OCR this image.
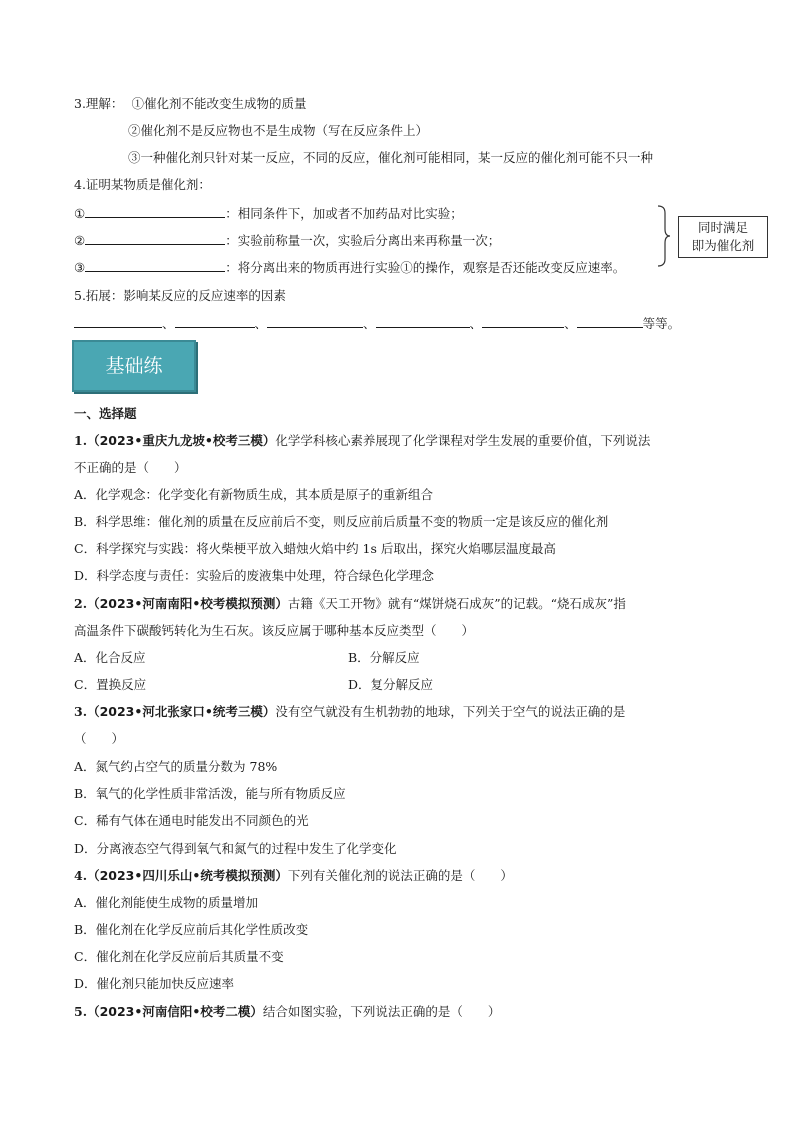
3.理解： ①催化剂不能改变生成物的质量
②催化剂不是反应物也不是生成物（写在反应条件上）
③一种催化剂只针对某一反应，不同的反应，催化剂可能相同，某一反应的催化剂可能不只一种
4.证明某物质是催化剂：
①	：相同条件下，加或者不加药品对比实验；
②	：实验前称量一次，实验后分离出来再称量一次；
③	：将分离出来的物质再进行实验①的操作，观察是否还能改变反应速率。
同时满足
即为催化剂
5.拓展：影响某反应的反应速率的因素
、	、	、	、	、	等等。
基础练
一、选择题
1.（2023•重庆九龙坡•校考三模）化学学科核心素养展现了化学课程对学生发展的重要价值，下列说法
不正确的是（　　）
A．化学观念：化学变化有新物质生成，其本质是原子的重新组合
B．科学思维：催化剂的质量在反应前后不变，则反应前后质量不变的物质一定是该反应的催化剂
C．科学探究与实践：将火柴梗平放入蜡烛火焰中约 1s 后取出，探究火焰哪层温度最高
D．科学态度与责任：实验后的废液集中处理，符合绿色化学理念
2.（2023•河南南阳•校考模拟预测）古籍《天工开物》就有“煤饼烧石成灰”的记载。“烧石成灰”指
高温条件下碳酸钙转化为生石灰。该反应属于哪种基本反应类型（　　）
A．化合反应	B．分解反应
C．置换反应	D．复分解反应
3.（2023•河北张家口•统考三模）没有空气就没有生机勃勃的地球，下列关于空气的说法正确的是
（　　）
A．氮气约占空气的质量分数为 78%
B．氧气的化学性质非常活泼，能与所有物质反应
C．稀有气体在通电时能发出不同颜色的光
D．分离液态空气得到氧气和氮气的过程中发生了化学变化
4.（2023•四川乐山•统考模拟预测）下列有关催化剂的说法正确的是（　　）
A．催化剂能使生成物的质量增加
B．催化剂在化学反应前后其化学性质改变
C．催化剂在化学反应前后其质量不变
D．催化剂只能加快反应速率
5.（2023•河南信阳•校考二模）结合如图实验，下列说法正确的是（　　）
